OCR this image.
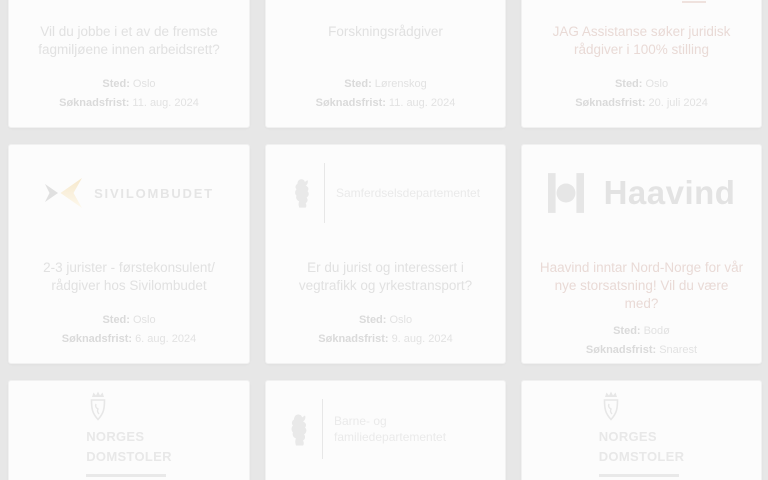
Vil du jobbe i et av de fremste fagmiljøene innen arbeidsrett?
Sted: Oslo
Søknadsfrist: 11. aug. 2024
Forskningsrådgiver
Sted: Lørenskog
Søknadsfrist: 11. aug. 2024
JAG Assistanse søker juridisk rådgiver i 100% stilling
Sted: Oslo
Søknadsfrist: 20. juli 2024
SIVILOMBUDET
2-3 jurister - førstekonsulent/ rådgiver hos Sivilombudet
Sted: Oslo
Søknadsfrist: 6. aug. 2024
Samferdselsdepartementet
Er du jurist og interessert i vegtrafikk og yrkestransport?
Sted: Oslo
Søknadsfrist: 9. aug. 2024
Haavind
Haavind inntar Nord-Norge for vår nye storsatsning! Vil du være med?
Sted: Bodø
Søknadsfrist: Snarest
NORGES
DOMSTOLER
Barne- og familiedepartementet	NORGES
DOMSTOLER
